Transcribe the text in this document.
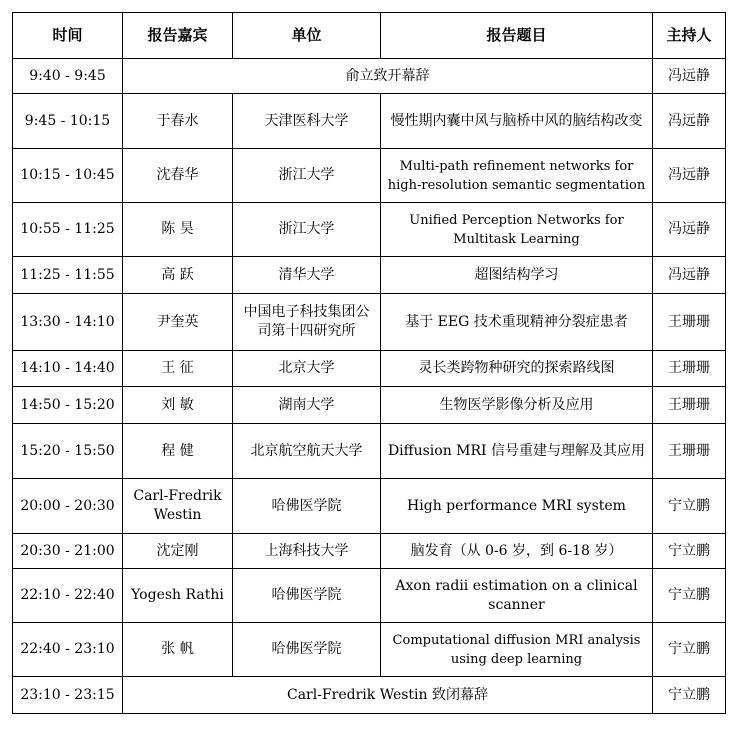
时间	报告嘉宾	单位	报告题目	主持人
9:40 - 9:45	俞立致开幕辞			冯远静
9:45 - 10:15	于春水	天津医科大学	慢性期内囊中风与脑桥中风的脑结构改变	冯远静
10:15 - 10:45	沈春华	浙江大学	Multi-path refinement networks for high-resolution semantic segmentation	冯远静
10:55 - 11:25	陈 昊	浙江大学	Unified Perception Networks for Multitask Learning	冯远静
11:25 - 11:55	高 跃	清华大学	超图结构学习	冯远静
13:30 - 14:10	尹奎英	中国电子科技集团公司第十四研究所	基于 EEG 技术重现精神分裂症患者	王珊珊
14:10 - 14:40	王 征	北京大学	灵长类跨物种研究的探索路线图	王珊珊
14:50 - 15:20	刘 敏	湖南大学	生物医学影像分析及应用	王珊珊
15:20 - 15:50	程 健	北京航空航天大学	Diffusion MRI 信号重建与理解及其应用	王珊珊
20:00 - 20:30	Carl-Fredrik Westin	哈佛医学院	High performance MRI system	宁立鹏
20:30 - 21:00	沈定刚	上海科技大学	脑发育（从 0-6 岁，到 6-18 岁）	宁立鹏
22:10 - 22:40	Yogesh Rathi	哈佛医学院	Axon radii estimation on a clinical scanner	宁立鹏
22:40 - 23:10	张 帆	哈佛医学院	Computational diffusion MRI analysis using deep learning	宁立鹏
23:10 - 23:15	Carl-Fredrik Westin 致闭幕辞			宁立鹏
